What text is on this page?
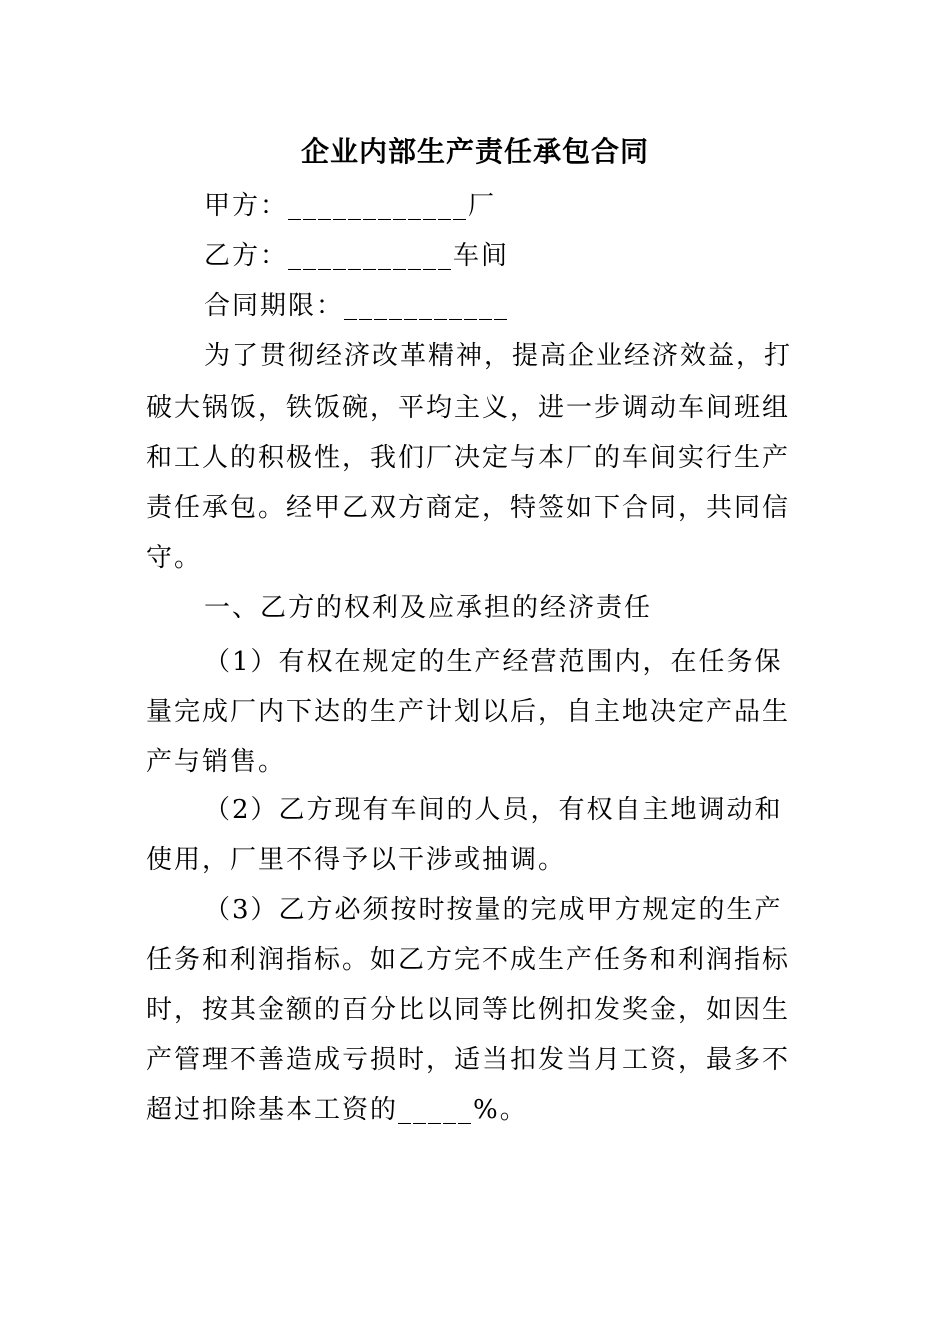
企业内部生产责任承包合同
甲方：____________厂
乙方：___________车间
合同期限：___________
为了贯彻经济改革精神，提高企业经济效益，打
破大锅饭，铁饭碗，平均主义，进一步调动车间班组
和工人的积极性，我们厂决定与本厂的车间实行生产
责任承包。经甲乙双方商定，特签如下合同，共同信
守。
一、乙方的权利及应承担的经济责任
（1）有权在规定的生产经营范围内，在任务保
量完成厂内下达的生产计划以后，自主地决定产品生
产与销售。
（2）乙方现有车间的人员，有权自主地调动和
使用，厂里不得予以干涉或抽调。
（3）乙方必须按时按量的完成甲方规定的生产
任务和利润指标。如乙方完不成生产任务和利润指标
时，按其金额的百分比以同等比例扣发奖金，如因生
产管理不善造成亏损时，适当扣发当月工资，最多不
超过扣除基本工资的_____%。
